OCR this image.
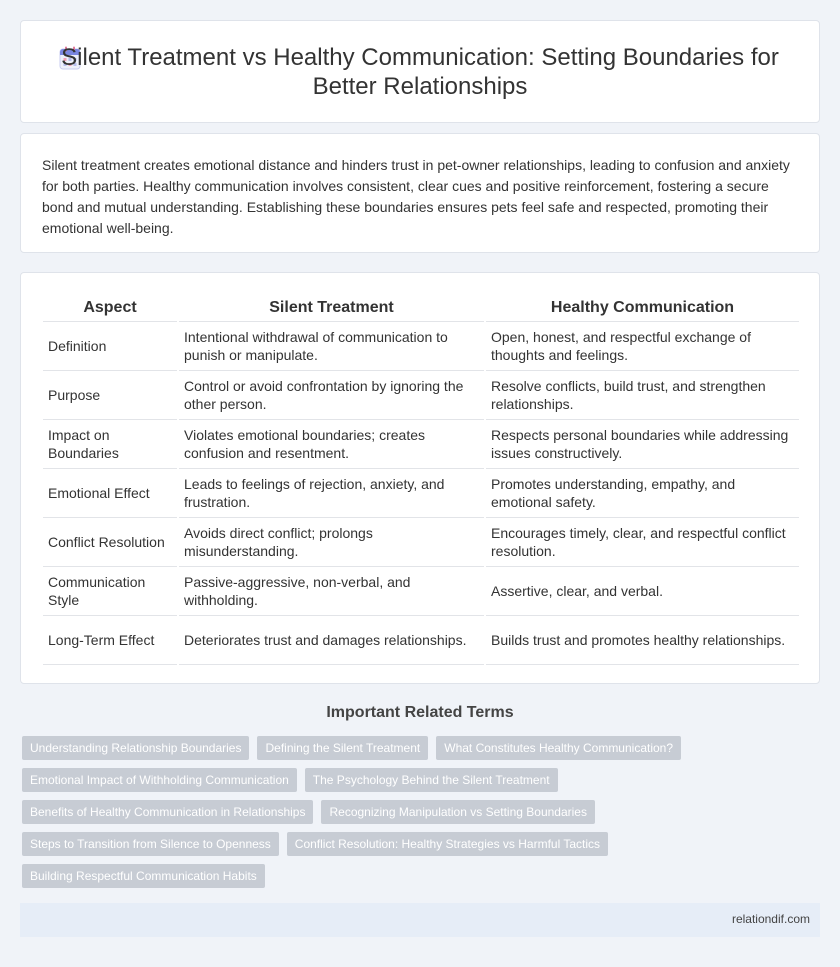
Silent Treatment vs Healthy Communication: Setting Boundaries for Better Relationships

Silent treatment creates emotional distance and hinders trust in pet-owner relationships, leading to confusion and anxiety for both parties. Healthy communication involves consistent, clear cues and positive reinforcement, fostering a secure bond and mutual understanding. Establishing these boundaries ensures pets feel safe and respected, promoting their emotional well-being.

Aspect	Silent Treatment	Healthy Communication
Definition	Intentional withdrawal of communication to punish or manipulate.	Open, honest, and respectful exchange of thoughts and feelings.
Purpose	Control or avoid confrontation by ignoring the other person.	Resolve conflicts, build trust, and strengthen relationships.
Impact on Boundaries	Violates emotional boundaries; creates confusion and resentment.	Respects personal boundaries while addressing issues constructively.
Emotional Effect	Leads to feelings of rejection, anxiety, and frustration.	Promotes understanding, empathy, and emotional safety.
Conflict Resolution	Avoids direct conflict; prolongs misunderstanding.	Encourages timely, clear, and respectful conflict resolution.
Communication Style	Passive-aggressive, non-verbal, and withholding.	Assertive, clear, and verbal.
Long-Term Effect	Deteriorates trust and damages relationships.	Builds trust and promotes healthy relationships.
Important Related Terms
Understanding Relationship Boundaries Defining the Silent Treatment What Constitutes Healthy Communication?
Emotional Impact of Withholding Communication The Psychology Behind the Silent Treatment
Benefits of Healthy Communication in Relationships Recognizing Manipulation vs Setting Boundaries
Steps to Transition from Silence to Openness Conflict Resolution: Healthy Strategies vs Harmful Tactics
Building Respectful Communication Habits
relationdif.com
